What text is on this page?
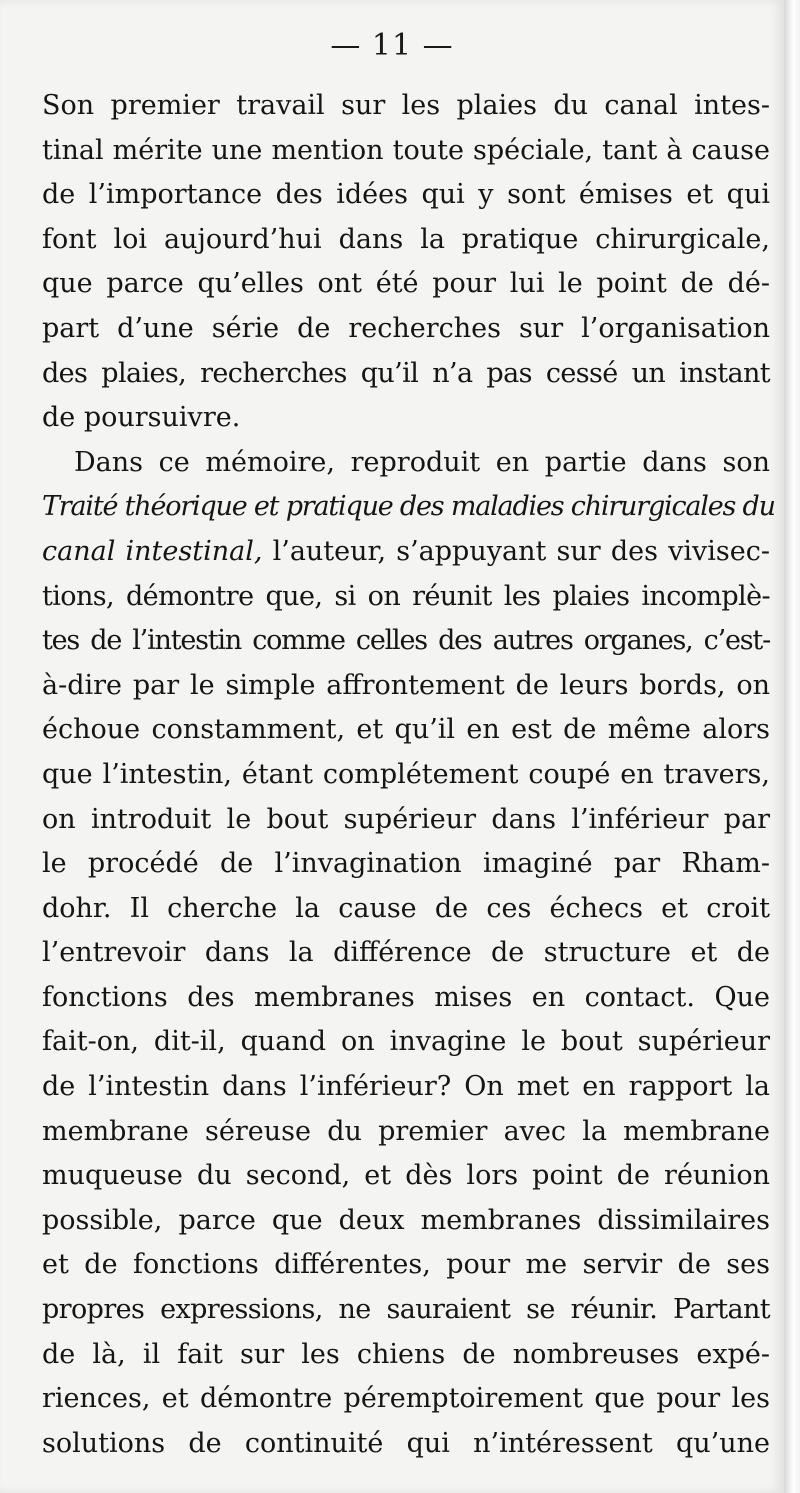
— 11 —
Son premier travail sur les plaies du canal intes-
tinal mérite une mention toute spéciale, tant à cause
de l’importance des idées qui y sont émises et qui
font loi aujourd’hui dans la pratique chirurgicale,
que parce qu’elles ont été pour lui le point de dé-
part d’une série de recherches sur l’organisation
des plaies, recherches qu’il n’a pas cessé un instant
de poursuivre.
Dans ce mémoire, reproduit en partie dans son
Traité théorique et pratique des maladies chirurgicales du
canal intestinal, l’auteur, s’appuyant sur des vivisec-
tions, démontre que, si on réunit les plaies incomplè-
tes de l’intestin comme celles des autres organes, c’est-
à-dire par le simple affrontement de leurs bords, on
échoue constamment, et qu’il en est de même alors
que l’intestin, étant complétement coupé en travers,
on introduit le bout supérieur dans l’inférieur par
le procédé de l’invagination imaginé par Rham-
dohr. Il cherche la cause de ces échecs et croit
l’entrevoir dans la différence de structure et de
fonctions des membranes mises en contact. Que
fait-on, dit-il, quand on invagine le bout supérieur
de l’intestin dans l’inférieur? On met en rapport la
membrane séreuse du premier avec la membrane
muqueuse du second, et dès lors point de réunion
possible, parce que deux membranes dissimilaires
et de fonctions différentes, pour me servir de ses
propres expressions, ne sauraient se réunir. Partant
de là, il fait sur les chiens de nombreuses expé-
riences, et démontre péremptoirement que pour les
solutions de continuité qui n’intéressent qu’une
